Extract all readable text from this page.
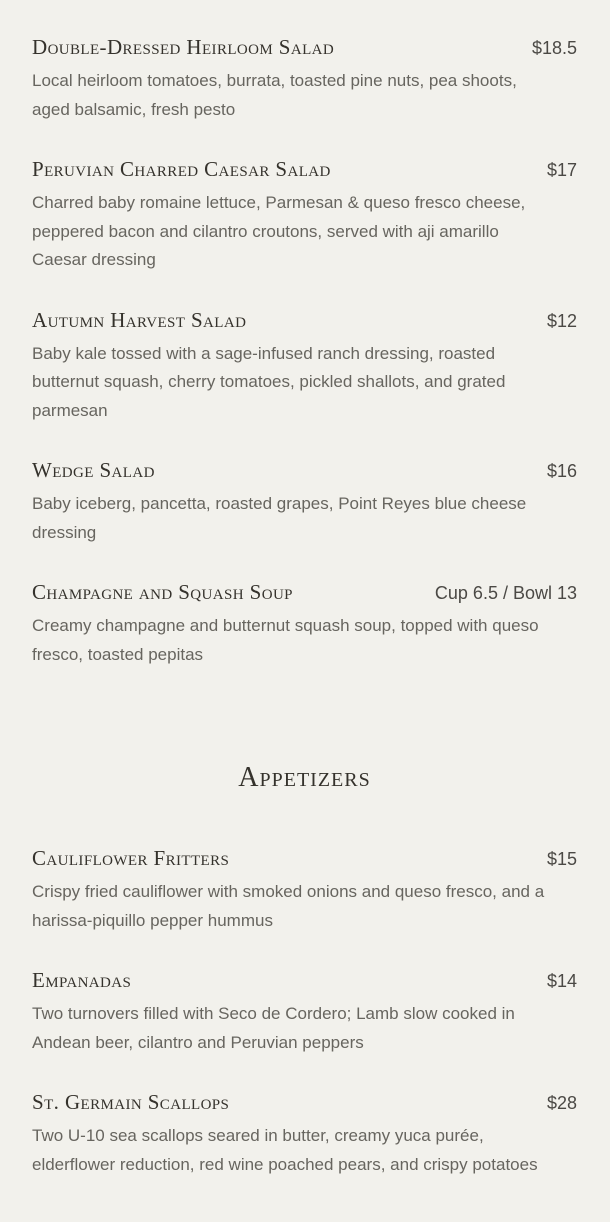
Double-Dressed Heirloom Salad	$18.5

Local heirloom tomatoes, burrata, toasted pine nuts, pea shoots, aged balsamic, fresh pesto

Peruvian Charred Caesar Salad	$17

Charred baby romaine lettuce, Parmesan & queso fresco cheese, peppered bacon and cilantro croutons, served with aji amarillo Caesar dressing

Autumn Harvest Salad	$12

Baby kale tossed with a sage-infused ranch dressing, roasted butternut squash, cherry tomatoes, pickled shallots, and grated parmesan

Wedge Salad	$16

Baby iceberg, pancetta, roasted grapes, Point Reyes blue cheese dressing

Champagne and Squash Soup	Cup 6.5 / Bowl 13

Creamy champagne and butternut squash soup, topped with queso fresco, toasted pepitas

Appetizers
Cauliflower Fritters	$15

Crispy fried cauliflower with smoked onions and queso fresco, and a harissa-piquillo pepper hummus

Empanadas	$14

Two turnovers filled with Seco de Cordero; Lamb slow cooked in Andean beer, cilantro and Peruvian peppers

St. Germain Scallops	$28

Two U-10 sea scallops seared in butter, creamy yuca purée, elderflower reduction, red wine poached pears, and crispy potatoes
